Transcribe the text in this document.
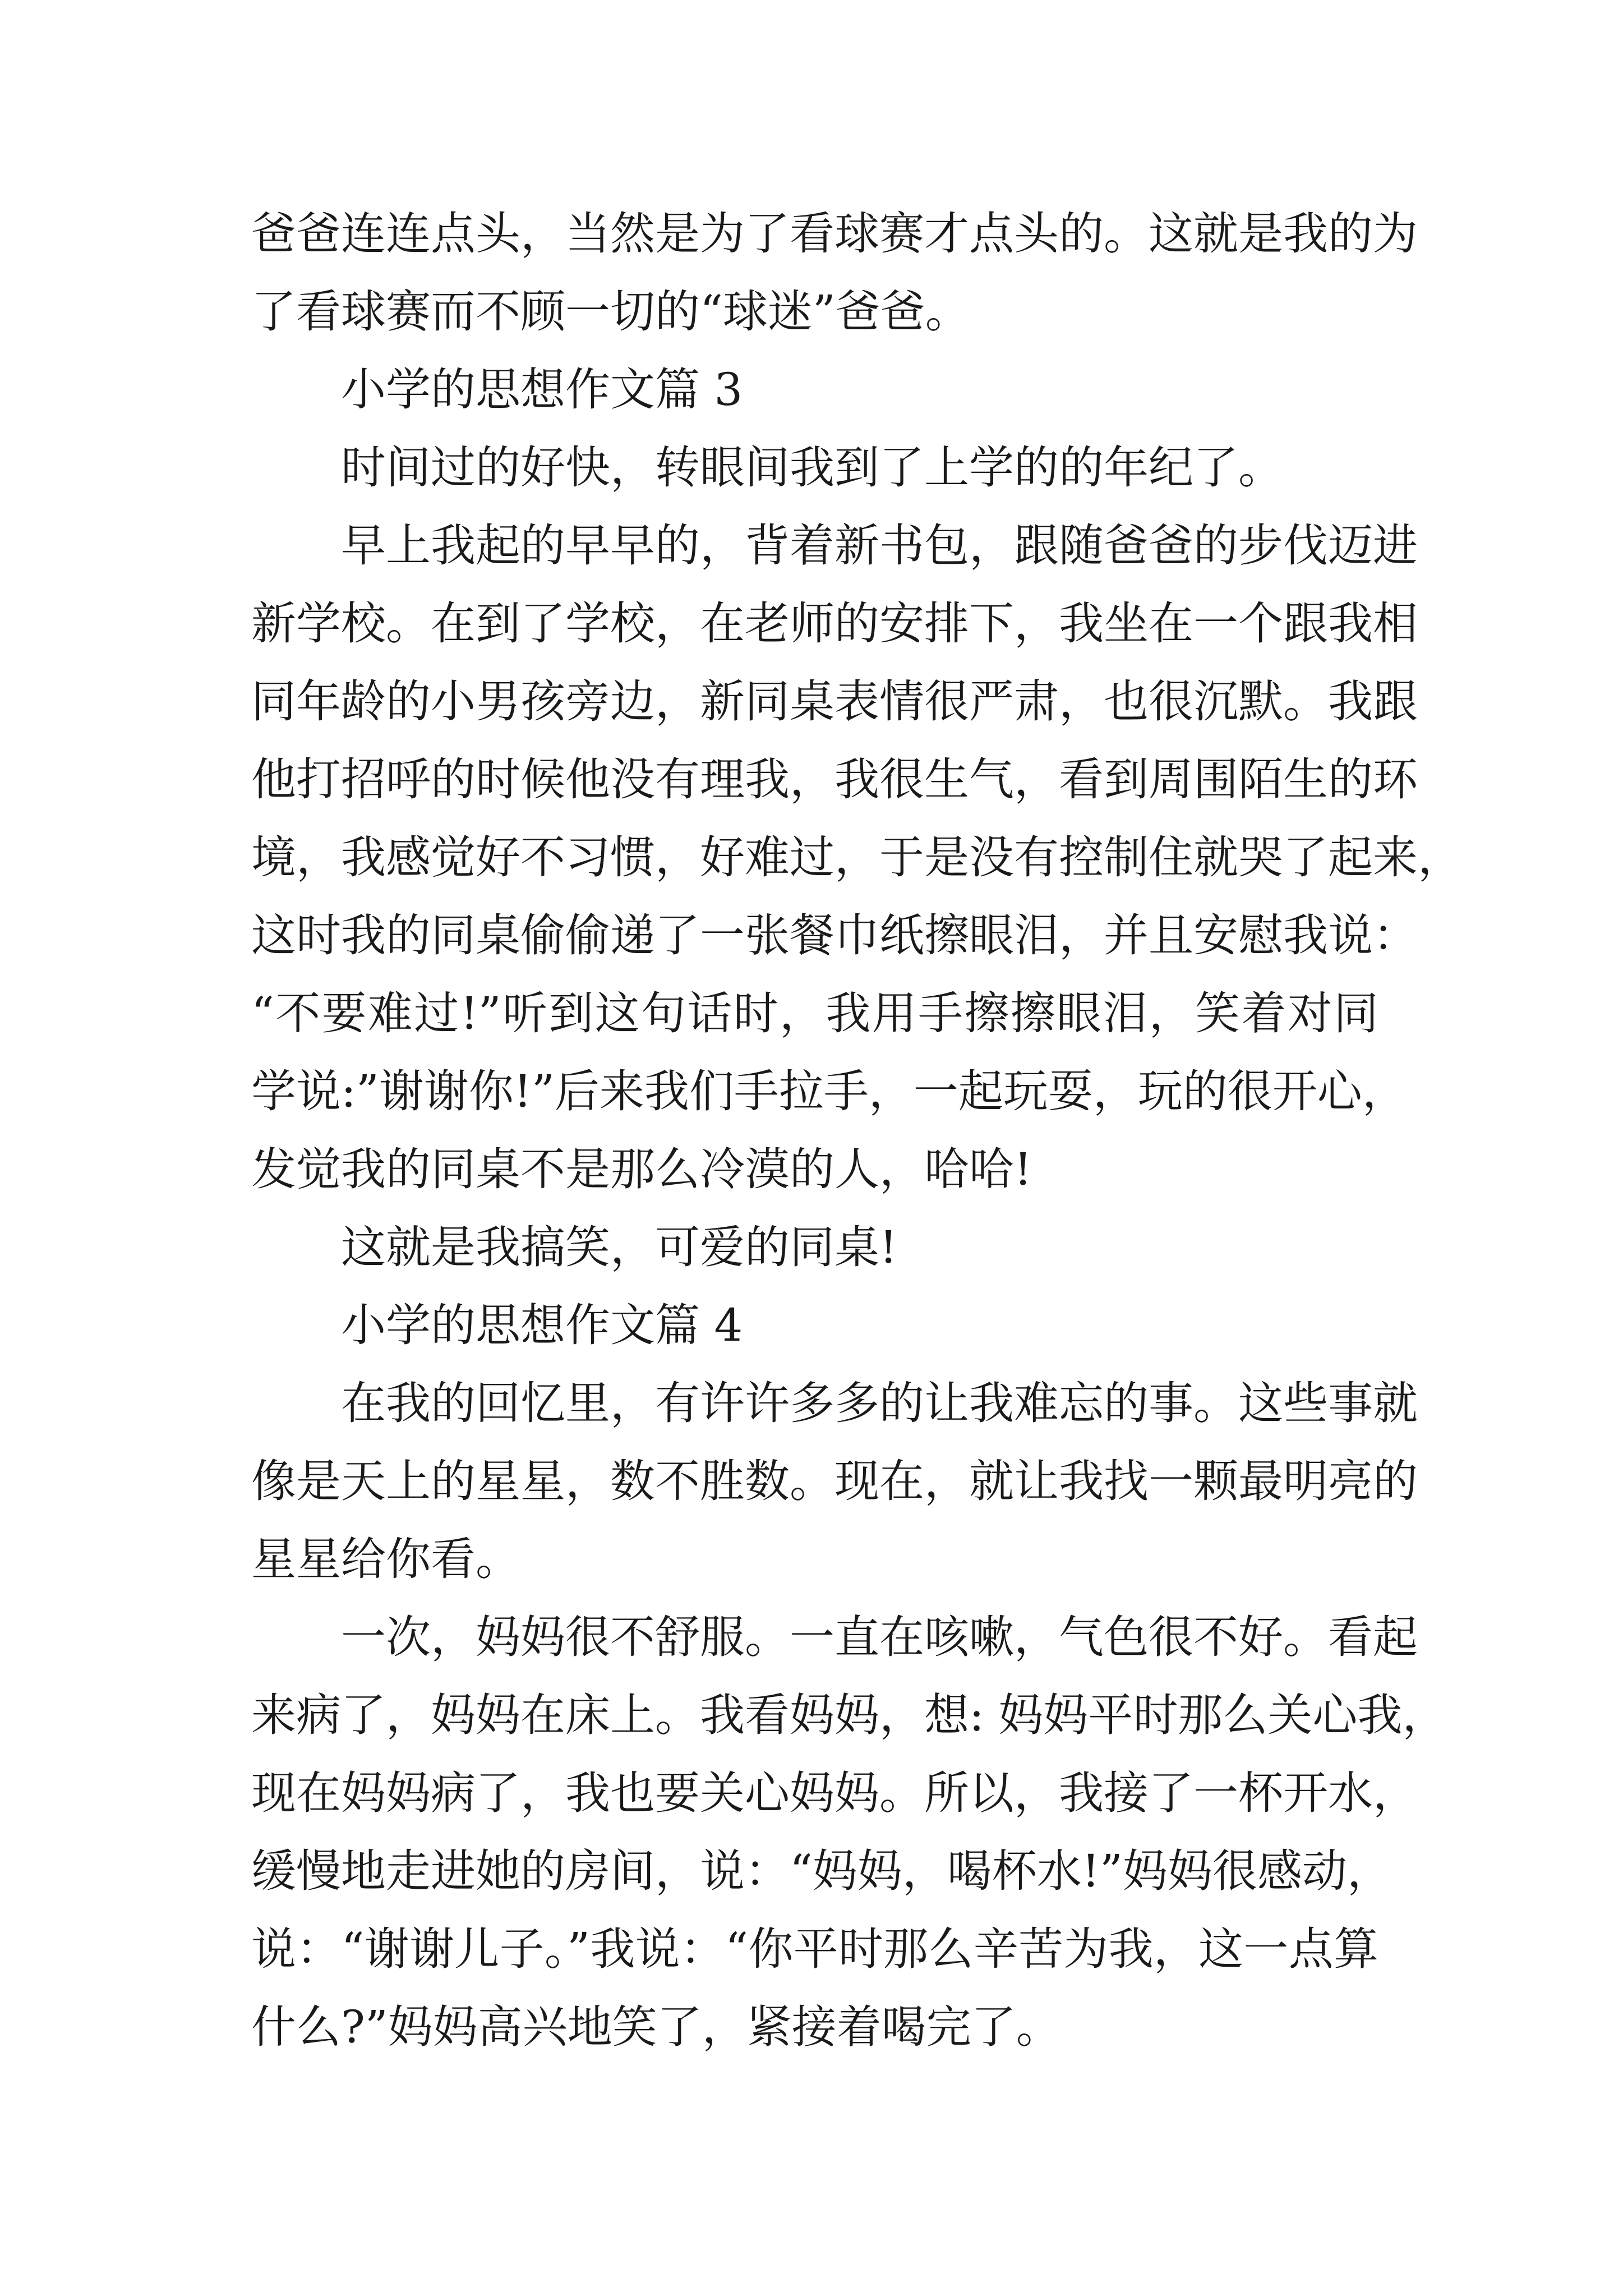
爸爸连连点头，当然是为了看球赛才点头的。这就是我的为
了看球赛而不顾一切的“球迷”爸爸。
小学的思想作文篇 3
时间过的好快，转眼间我到了上学的的年纪了。
早上我起的早早的，背着新书包，跟随爸爸的步伐迈进
新学校。在到了学校，在老师的安排下，我坐在一个跟我相
同年龄的小男孩旁边，新同桌表情很严肃，也很沉默。我跟
他打招呼的时候他没有理我，我很生气，看到周围陌生的环
境，我感觉好不习惯，好难过，于是没有控制住就哭了起来，
这时我的同桌偷偷递了一张餐巾纸擦眼泪，并且安慰我说：
“不要难过!”听到这句话时，我用手擦擦眼泪，笑着对同
学说:”谢谢你!”后来我们手拉手，一起玩耍，玩的很开心，
发觉我的同桌不是那么冷漠的人，哈哈!
这就是我搞笑，可爱的同桌!
小学的思想作文篇 4
在我的回忆里，有许许多多的让我难忘的事。这些事就
像是天上的星星，数不胜数。现在，就让我找一颗最明亮的
星星给你看。
一次，妈妈很不舒服。一直在咳嗽，气色很不好。看起
来病了，妈妈在床上。我看妈妈，想: 妈妈平时那么关心我，
现在妈妈病了，我也要关心妈妈。所以，我接了一杯开水，
缓慢地走进她的房间，说：“妈妈，喝杯水!”妈妈很感动，
说：“谢谢儿子。”我说：“你平时那么辛苦为我，这一点算
什么?”妈妈高兴地笑了，紧接着喝完了。
